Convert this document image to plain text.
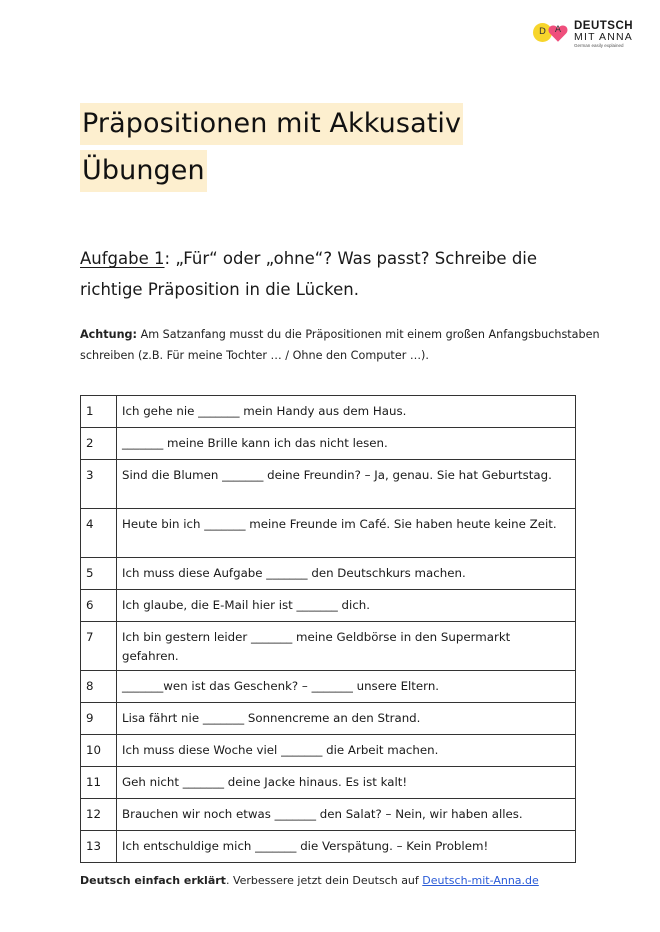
D A	DEUTSCH
MIT ANNA
German easily explained
Präpositionen mit Akkusativ
Übungen
Aufgabe 1: „Für“ oder „ohne“? Was passt? Schreibe die richtige Präposition in die Lücken.
Achtung: Am Satzanfang musst du die Präpositionen mit einem großen Anfangsbuchstaben schreiben (z.B. Für meine Tochter … / Ohne den Computer …).
1	Ich gehe nie _______ mein Handy aus dem Haus.
2	_______ meine Brille kann ich das nicht lesen.
3	Sind die Blumen _______ deine Freundin? – Ja, genau. Sie hat Geburtstag.
4	Heute bin ich _______ meine Freunde im Café. Sie haben heute keine Zeit.
5	Ich muss diese Aufgabe _______ den Deutschkurs machen.
6	Ich glaube, die E-Mail hier ist _______ dich.
7	Ich bin gestern leider _______ meine Geldbörse in den Supermarkt gefahren.
8	_______wen ist das Geschenk? – _______ unsere Eltern.
9	Lisa fährt nie _______ Sonnencreme an den Strand.
10	Ich muss diese Woche viel _______ die Arbeit machen.
11	Geh nicht _______ deine Jacke hinaus. Es ist kalt!
12	Brauchen wir noch etwas _______ den Salat? – Nein, wir haben alles.
13	Ich entschuldige mich _______ die Verspätung. – Kein Problem!
Deutsch einfach erklärt. Verbessere jetzt dein Deutsch auf Deutsch-mit-Anna.de
